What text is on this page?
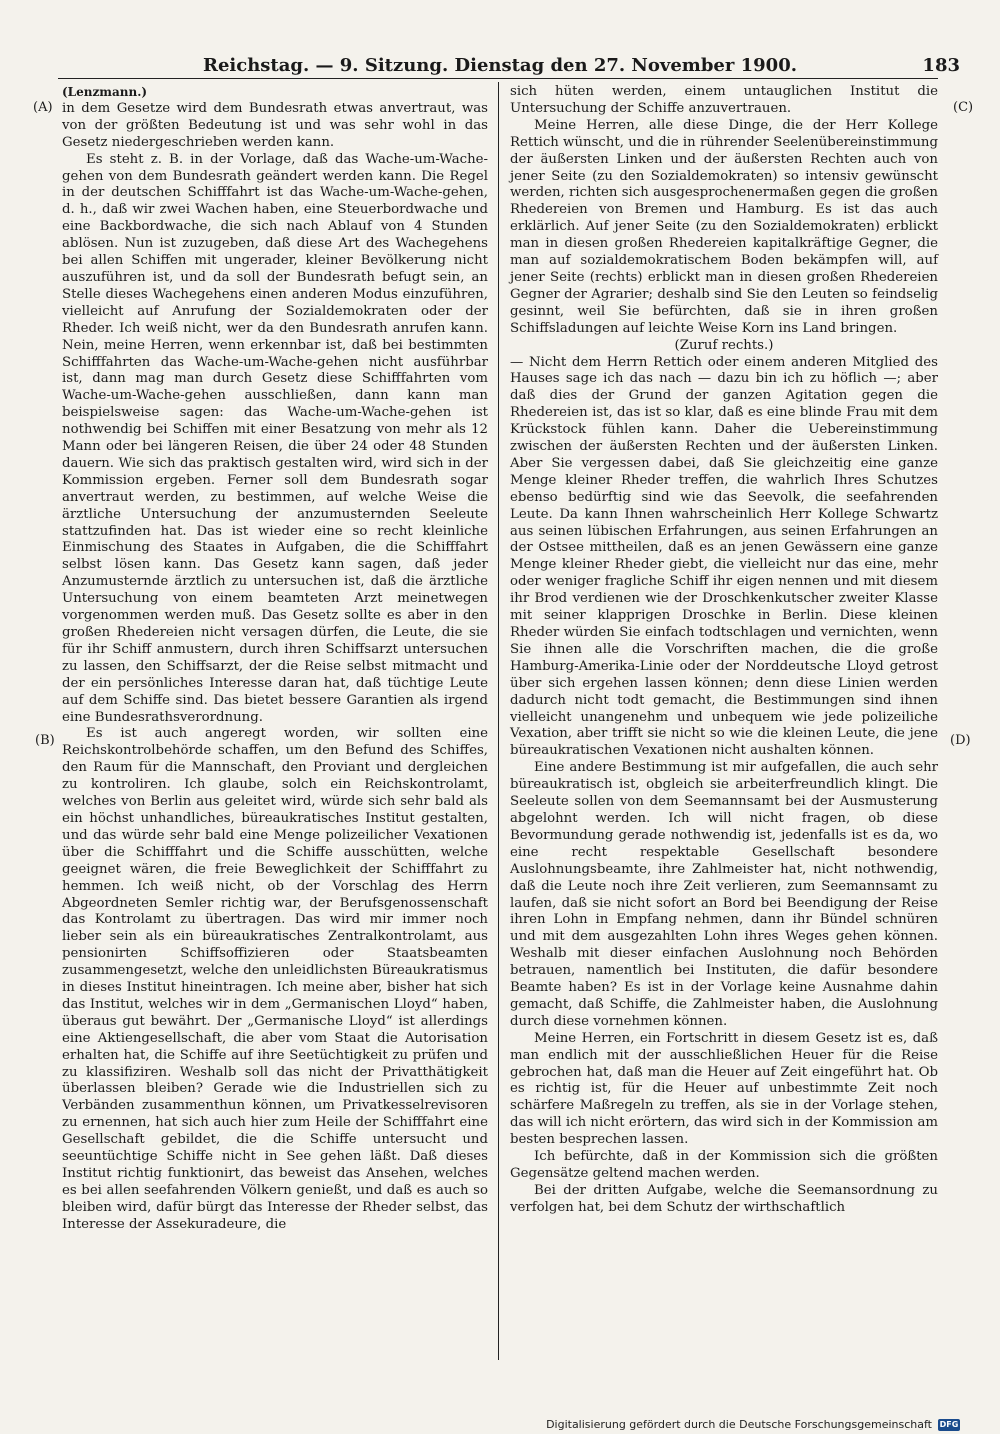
Reichstag. — 9. Sitzung. Dienstag den 27. November 1900.	183
(A)
(B)
(C)
(D)

(Lenzmann.)

in dem Gesetze wird dem Bundesrath etwas anvertraut, was von der größten Bedeutung ist und was sehr wohl in das Gesetz niedergeschrieben werden kann.

Es steht z. B. in der Vorlage, daß das Wache-um-Wache-gehen von dem Bundesrath geändert werden kann. Die Regel in der deutschen Schifffahrt ist das Wache-um-Wache-gehen, d. h., daß wir zwei Wachen haben, eine Steuerbordwache und eine Backbordwache, die sich nach Ablauf von 4 Stunden ablösen. Nun ist zuzugeben, daß diese Art des Wachegehens bei allen Schiffen mit ungerader, kleiner Bevölkerung nicht auszuführen ist, und da soll der Bundesrath befugt sein, an Stelle dieses Wachegehens einen anderen Modus einzuführen, vielleicht auf Anrufung der Sozialdemokraten oder der Rheder. Ich weiß nicht, wer da den Bundesrath anrufen kann. Nein, meine Herren, wenn erkennbar ist, daß bei bestimmten Schifffahrten das Wache-um-Wache-gehen nicht ausführbar ist, dann mag man durch Gesetz diese Schifffahrten vom Wache-um-Wache-gehen ausschließen, dann kann man beispielsweise sagen: das Wache-um-Wache-gehen ist nothwendig bei Schiffen mit einer Besatzung von mehr als 12 Mann oder bei längeren Reisen, die über 24 oder 48 Stunden dauern. Wie sich das praktisch gestalten wird, wird sich in der Kommission ergeben. Ferner soll dem Bundesrath sogar anvertraut werden, zu bestimmen, auf welche Weise die ärztliche Untersuchung der anzumusternden Seeleute stattzufinden hat. Das ist wieder eine so recht kleinliche Einmischung des Staates in Aufgaben, die die Schifffahrt selbst lösen kann. Das Gesetz kann sagen, daß jeder Anzumusternde ärztlich zu untersuchen ist, daß die ärztliche Untersuchung von einem beamteten Arzt meinetwegen vorgenommen werden muß. Das Gesetz sollte es aber in den großen Rhedereien nicht versagen dürfen, die Leute, die sie für ihr Schiff anmustern, durch ihren Schiffsarzt untersuchen zu lassen, den Schiffsarzt, der die Reise selbst mitmacht und der ein persönliches Interesse daran hat, daß tüchtige Leute auf dem Schiffe sind. Das bietet bessere Garantien als irgend eine Bundesrathsverordnung.

Es ist auch angeregt worden, wir sollten eine Reichskontrolbehörde schaffen, um den Befund des Schiffes, den Raum für die Mannschaft, den Proviant und dergleichen zu kontroliren. Ich glaube, solch ein Reichskontrolamt, welches von Berlin aus geleitet wird, würde sich sehr bald als ein höchst unhandliches, büreaukratisches Institut gestalten, und das würde sehr bald eine Menge polizeilicher Vexationen über die Schifffahrt und die Schiffe ausschütten, welche geeignet wären, die freie Beweglichkeit der Schifffahrt zu hemmen. Ich weiß nicht, ob der Vorschlag des Herrn Abgeordneten Semler richtig war, der Berufsgenossenschaft das Kontrolamt zu übertragen. Das wird mir immer noch lieber sein als ein büreaukratisches Zentralkontrolamt, aus pensionirten Schiffsoffizieren oder Staatsbeamten zusammengesetzt, welche den unleidlichsten Büreaukratismus in dieses Institut hineintragen. Ich meine aber, bisher hat sich das Institut, welches wir in dem „Germanischen Lloyd“ haben, überaus gut bewährt. Der „Germanische Lloyd“ ist allerdings eine Aktiengesellschaft, die aber vom Staat die Autorisation erhalten hat, die Schiffe auf ihre Seetüchtigkeit zu prüfen und zu klassifiziren. Weshalb soll das nicht der Privatthätigkeit überlassen bleiben? Gerade wie die Industriellen sich zu Verbänden zusammenthun können, um Privatkesselrevisoren zu ernennen, hat sich auch hier zum Heile der Schifffahrt eine Gesellschaft gebildet, die die Schiffe untersucht und seeuntüchtige Schiffe nicht in See gehen läßt. Daß dieses Institut richtig funktionirt, das beweist das Ansehen, welches es bei allen seefahrenden Völkern genießt, und daß es auch so bleiben wird, dafür bürgt das Interesse der Rheder selbst, das Interesse der Assekuradeure, die

sich hüten werden, einem untauglichen Institut die Untersuchung der Schiffe anzuvertrauen.

Meine Herren, alle diese Dinge, die der Herr Kollege Rettich wünscht, und die in rührender Seelenübereinstimmung der äußersten Linken und der äußersten Rechten auch von jener Seite (zu den Sozialdemokraten) so intensiv gewünscht werden, richten sich ausgesprochenermaßen gegen die großen Rhedereien von Bremen und Hamburg. Es ist das auch erklärlich. Auf jener Seite (zu den Sozialdemokraten) erblickt man in diesen großen Rhedereien kapitalkräftige Gegner, die man auf sozialdemokratischem Boden bekämpfen will, auf jener Seite (rechts) erblickt man in diesen großen Rhedereien Gegner der Agrarier; deshalb sind Sie den Leuten so feindselig gesinnt, weil Sie befürchten, daß sie in ihren großen Schiffsladungen auf leichte Weise Korn ins Land bringen.

(Zuruf rechts.)

— Nicht dem Herrn Rettich oder einem anderen Mitglied des Hauses sage ich das nach — dazu bin ich zu höflich —; aber daß dies der Grund der ganzen Agitation gegen die Rhedereien ist, das ist so klar, daß es eine blinde Frau mit dem Krückstock fühlen kann. Daher die Uebereinstimmung zwischen der äußersten Rechten und der äußersten Linken. Aber Sie vergessen dabei, daß Sie gleichzeitig eine ganze Menge kleiner Rheder treffen, die wahrlich Ihres Schutzes ebenso bedürftig sind wie das Seevolk, die seefahrenden Leute. Da kann Ihnen wahrscheinlich Herr Kollege Schwartz aus seinen lübischen Erfahrungen, aus seinen Erfahrungen an der Ostsee mittheilen, daß es an jenen Gewässern eine ganze Menge kleiner Rheder giebt, die vielleicht nur das eine, mehr oder weniger fragliche Schiff ihr eigen nennen und mit diesem ihr Brod verdienen wie der Droschkenkutscher zweiter Klasse mit seiner klapprigen Droschke in Berlin. Diese kleinen Rheder würden Sie einfach todtschlagen und vernichten, wenn Sie ihnen alle die Vorschriften machen, die die große Hamburg-Amerika-Linie oder der Norddeutsche Lloyd getrost über sich ergehen lassen können; denn diese Linien werden dadurch nicht todt gemacht, die Bestimmungen sind ihnen vielleicht unangenehm und unbequem wie jede polizeiliche Vexation, aber trifft sie nicht so wie die kleinen Leute, die jene büreaukratischen Vexationen nicht aushalten können.

Eine andere Bestimmung ist mir aufgefallen, die auch sehr büreaukratisch ist, obgleich sie arbeiterfreundlich klingt. Die Seeleute sollen von dem Seemannsamt bei der Ausmusterung abgelohnt werden. Ich will nicht fragen, ob diese Bevormundung gerade nothwendig ist, jedenfalls ist es da, wo eine recht respektable Gesellschaft besondere Auslohnungsbeamte, ihre Zahlmeister hat, nicht nothwendig, daß die Leute noch ihre Zeit verlieren, zum Seemannsamt zu laufen, daß sie nicht sofort an Bord bei Beendigung der Reise ihren Lohn in Empfang nehmen, dann ihr Bündel schnüren und mit dem ausgezahlten Lohn ihres Weges gehen können. Weshalb mit dieser einfachen Auslohnung noch Behörden betrauen, namentlich bei Instituten, die dafür besondere Beamte haben? Es ist in der Vorlage keine Ausnahme dahin gemacht, daß Schiffe, die Zahlmeister haben, die Auslohnung durch diese vornehmen können.

Meine Herren, ein Fortschritt in diesem Gesetz ist es, daß man endlich mit der ausschließlichen Heuer für die Reise gebrochen hat, daß man die Heuer auf Zeit eingeführt hat. Ob es richtig ist, für die Heuer auf unbestimmte Zeit noch schärfere Maßregeln zu treffen, als sie in der Vorlage stehen, das will ich nicht erörtern, das wird sich in der Kommission am besten besprechen lassen.

Ich befürchte, daß in der Kommission sich die größten Gegensätze geltend machen werden.

Bei der dritten Aufgabe, welche die Seemansordnung zu verfolgen hat, bei dem Schutz der wirthschaftlich

Digitalisierung gefördert durch die Deutsche Forschungsgemeinschaft DFG
